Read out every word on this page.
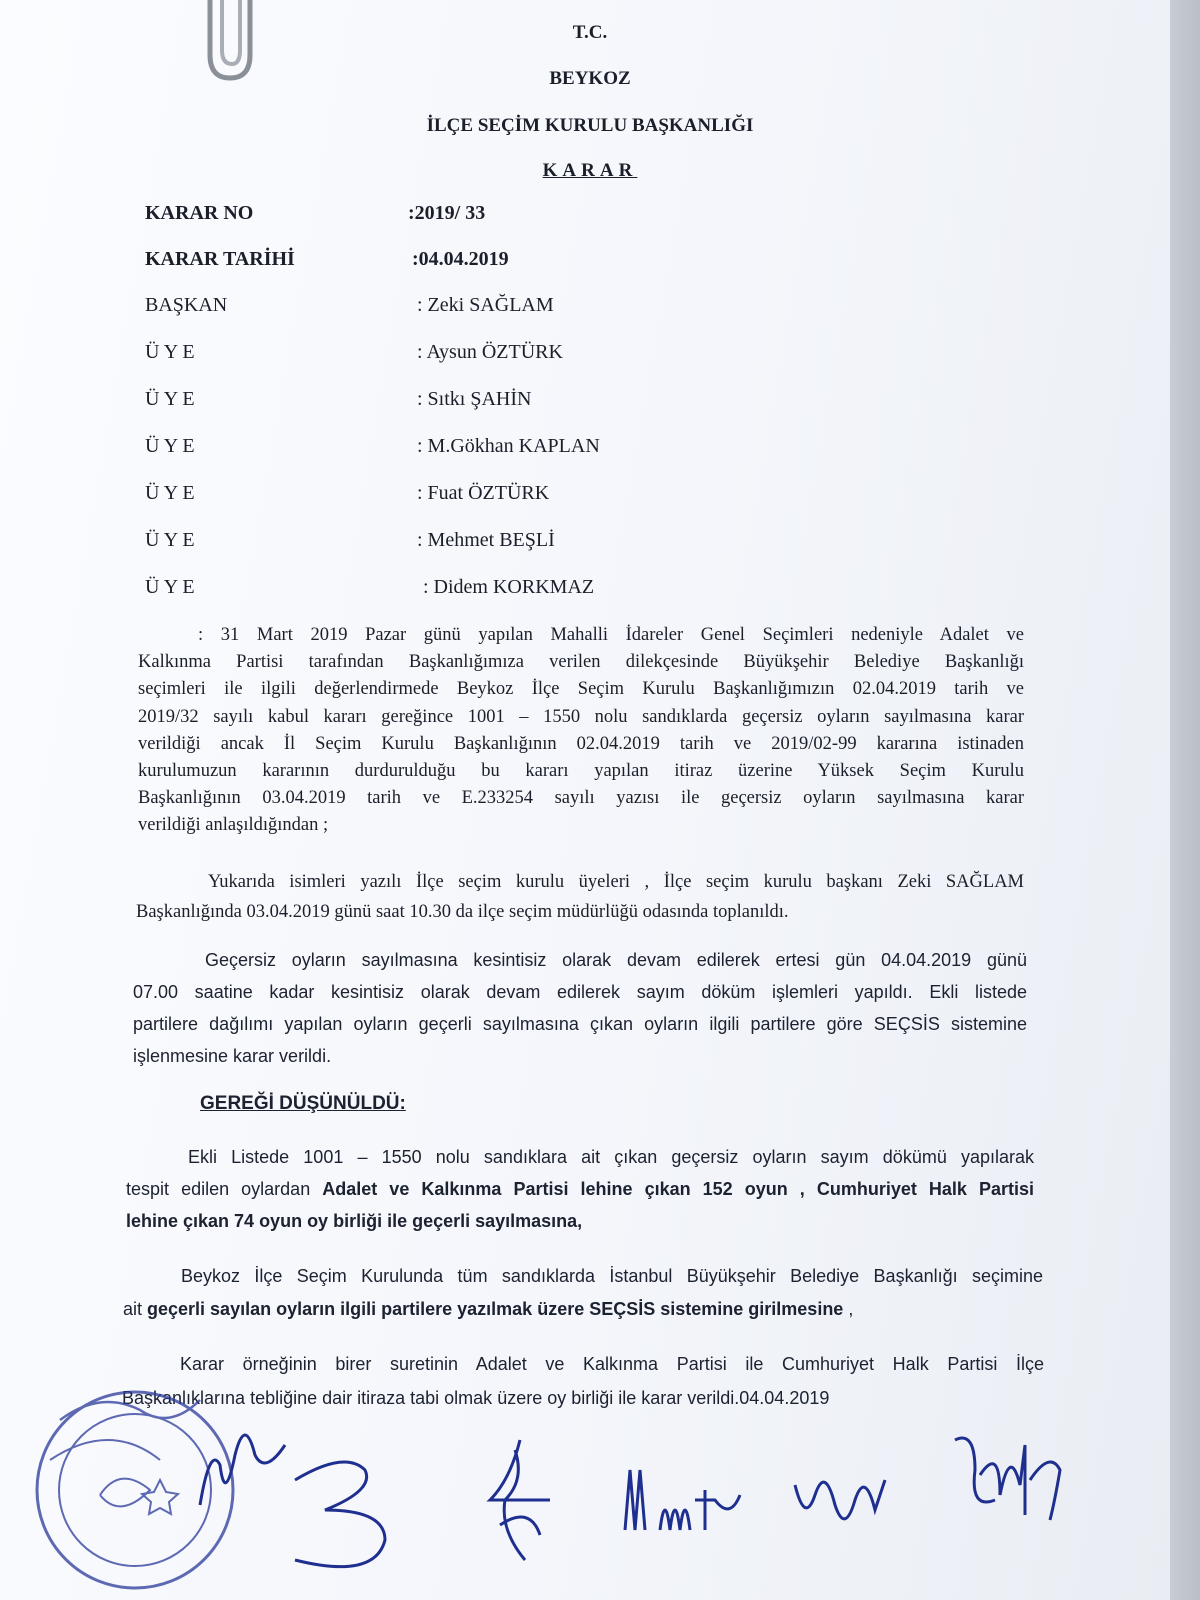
T.C.
BEYKOZ
İLÇE SEÇİM KURULU BAŞKANLIĞI
KARAR
KARAR NO	:2019/ 33
KARAR TARİHİ	:04.04.2019
BAŞKAN	: Zeki SAĞLAM
Ü Y E	: Aysun ÖZTÜRK
Ü Y E	: Sıtkı ŞAHİN
Ü Y E	: M.Gökhan KAPLAN
Ü Y E	: Fuat ÖZTÜRK
Ü Y E	: Mehmet BEŞLİ
Ü Y E	: Didem KORKMAZ
: 31 Mart 2019 Pazar günü yapılan Mahalli İdareler Genel Seçimleri nedeniyle Adalet ve
Kalkınma Partisi tarafından Başkanlığımıza verilen dilekçesinde Büyükşehir Belediye Başkanlığı
seçimleri ile ilgili değerlendirmede Beykoz İlçe Seçim Kurulu Başkanlığımızın 02.04.2019 tarih ve
2019/32 sayılı kabul kararı gereğince 1001 – 1550 nolu sandıklarda geçersiz oyların sayılmasına karar
verildiği ancak İl Seçim Kurulu Başkanlığının 02.04.2019 tarih ve 2019/02-99 kararına istinaden
kurulumuzun kararının durdurulduğu bu kararı yapılan itiraz üzerine Yüksek Seçim Kurulu
Başkanlığının 03.04.2019 tarih ve E.233254 sayılı yazısı ile geçersiz oyların sayılmasına karar
verildiği anlaşıldığından ;
Yukarıda isimleri yazılı İlçe seçim kurulu üyeleri , İlçe seçim kurulu başkanı Zeki SAĞLAM
Başkanlığında 03.04.2019 günü saat 10.30 da ilçe seçim müdürlüğü odasında toplanıldı.
Geçersiz oyların sayılmasına kesintisiz olarak devam edilerek ertesi gün 04.04.2019 günü
07.00 saatine kadar kesintisiz olarak devam edilerek sayım döküm işlemleri yapıldı. Ekli listede
partilere dağılımı yapılan oyların geçerli sayılmasına çıkan oyların ilgili partilere göre SEÇSİS sistemine
işlenmesine karar verildi.
GEREĞİ DÜŞÜNÜLDÜ:
Ekli Listede 1001 – 1550 nolu sandıklara ait çıkan geçersiz oyların sayım dökümü yapılarak
tespit edilen oylardan Adalet ve Kalkınma Partisi lehine çıkan 152 oyun , Cumhuriyet Halk Partisi
lehine çıkan 74 oyun oy birliği ile geçerli sayılmasına,
Beykoz İlçe Seçim Kurulunda tüm sandıklarda İstanbul Büyükşehir Belediye Başkanlığı seçimine
ait geçerli sayılan oyların ilgili partilere yazılmak üzere SEÇSİS sistemine girilmesine ,
Karar örneğinin birer suretinin Adalet ve Kalkınma Partisi ile Cumhuriyet Halk Partisi İlçe
Başkanlıklarına tebliğine dair itiraza tabi olmak üzere oy birliği ile karar verildi.04.04.2019
